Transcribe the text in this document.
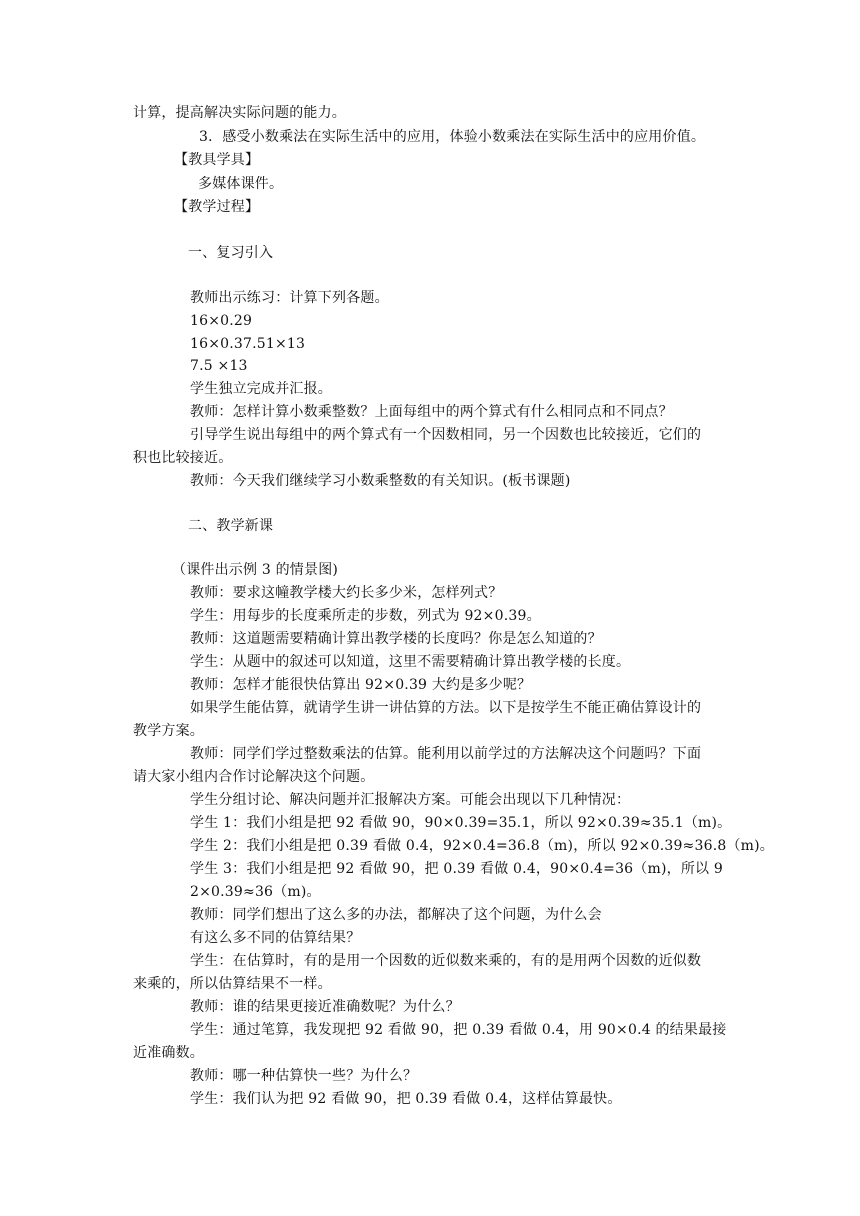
计算，提高解决实际问题的能力。
3．感受小数乘法在实际生活中的应用，体验小数乘法在实际生活中的应用价值。
【教具学具】
多媒体课件。
【教学过程】
一、复习引入
教师出示练习：计算下列各题。
16×0.29
16×0.37.51×13
7.5 ×13
学生独立完成并汇报。
教师：怎样计算小数乘整数？上面每组中的两个算式有什么相同点和不同点？
引导学生说出每组中的两个算式有一个因数相同，另一个因数也比较接近，它们的
积也比较接近。
教师：今天我们继续学习小数乘整数的有关知识。(板书课题)
二、教学新课
（课件出示例 3 的情景图)
教师：要求这幢教学楼大约长多少米，怎样列式？
学生：用每步的长度乘所走的步数，列式为 92×0.39。
教师：这道题需要精确计算出教学楼的长度吗？你是怎么知道的？
学生：从题中的叙述可以知道，这里不需要精确计算出教学楼的长度。
教师：怎样才能很快估算出 92×0.39 大约是多少呢？
如果学生能估算，就请学生讲一讲估算的方法。以下是按学生不能正确估算设计的
教学方案。
教师：同学们学过整数乘法的估算。能利用以前学过的方法解决这个问题吗？下面
请大家小组内合作讨论解决这个问题。
学生分组讨论、解决问题并汇报解决方案。可能会出现以下几种情况：
学生 1：我们小组是把 92 看做 90，90×0.39=35.1，所以 92×0.39≈35.1（m)。
学生 2：我们小组是把 0.39 看做 0.4，92×0.4=36.8（m)，所以 92×0.39≈36.8（m)。
学生 3：我们小组是把 92 看做 90，把 0.39 看做 0.4，90×0.4=36（m)，所以 9
2×0.39≈36（m)。
教师：同学们想出了这么多的办法，都解决了这个问题，为什么会
有这么多不同的估算结果？
学生：在估算时，有的是用一个因数的近似数来乘的，有的是用两个因数的近似数
来乘的，所以估算结果不一样。
教师：谁的结果更接近准确数呢？为什么？
学生：通过笔算，我发现把 92 看做 90，把 0.39 看做 0.4，用 90×0.4 的结果最接
近准确数。
教师：哪一种估算快一些？为什么？
学生：我们认为把 92 看做 90，把 0.39 看做 0.4，这样估算最快。
